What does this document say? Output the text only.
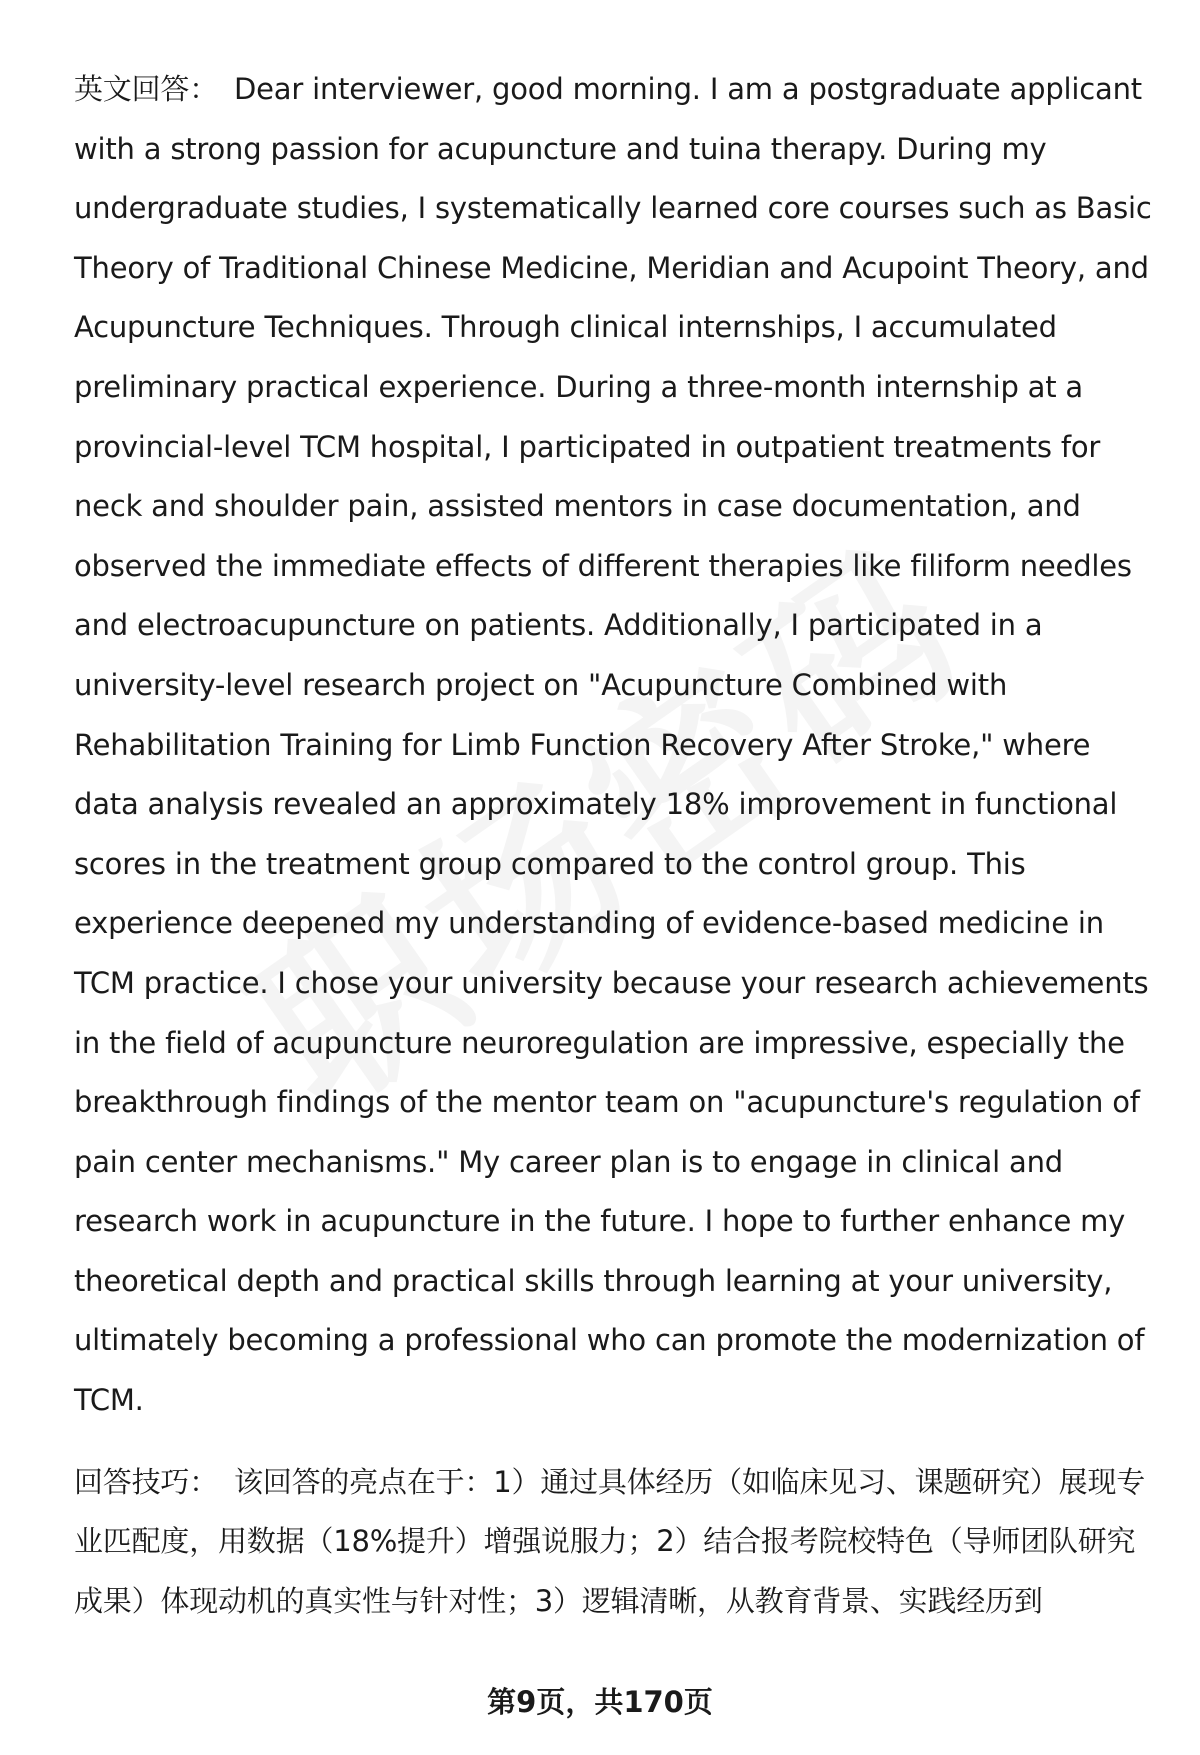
英文回答： Dear interviewer, good morning. I am a postgraduate applicant with a strong passion for acupuncture and tuina therapy. During my undergraduate studies, I systematically learned core courses such as Basic Theory of Traditional Chinese Medicine, Meridian and Acupoint Theory, and Acupuncture Techniques. Through clinical internships, I accumulated preliminary practical experience. During a three-month internship at a provincial-level TCM hospital, I participated in outpatient treatments for neck and shoulder pain, assisted mentors in case documentation, and observed the immediate effects of different therapies like filiform needles and electroacupuncture on patients. Additionally, I participated in a university-level research project on "Acupuncture Combined with Rehabilitation Training for Limb Function Recovery After Stroke," where data analysis revealed an approximately 18% improvement in functional scores in the treatment group compared to the control group. This experience deepened my understanding of evidence-based medicine in TCM practice. I chose your university because your research achievements in the field of acupuncture neuroregulation are impressive, especially the breakthrough findings of the mentor team on "acupuncture's regulation of pain center mechanisms." My career plan is to engage in clinical and research work in acupuncture in the future. I hope to further enhance my theoretical depth and practical skills through learning at your university, ultimately becoming a professional who can promote the modernization of TCM.

回答技巧： 该回答的亮点在于：1）通过具体经历（如临床见习、课题研究）展现专业匹配度，用数据（18%提升）增强说服力；2）结合报考院校特色（导师团队研究成果）体现动机的真实性与针对性；3）逻辑清晰，从教育背景、实践经历到

第9页，共170页
